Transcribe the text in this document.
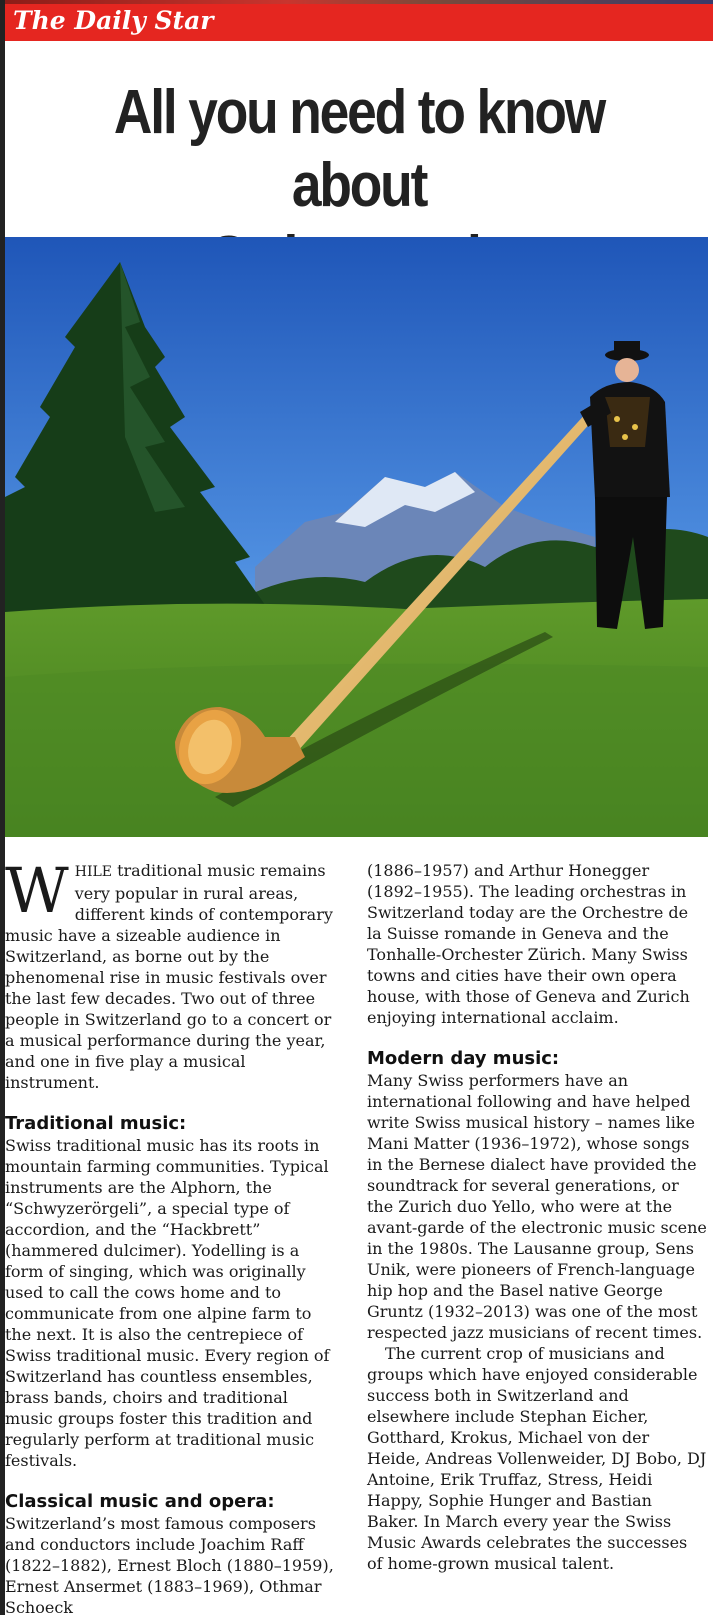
The Daily Star
All you need to know about

WHILE traditional music remains very popular in rural areas, different kinds of contemporary music have a sizeable audience in Switzerland, as borne out by the phenomenal rise in music festivals over the last few decades. Two out of three people in Switzerland go to a concert or a musical performance during the year, and one in five play a musical instrument.

Traditional music:

Swiss traditional music has its roots in mountain farming communities. Typical instruments are the Alphorn, the “Schwyzerörgeli”, a special type of accordion, and the “Hackbrett” (hammered dulcimer). Yodelling is a form of singing, which was originally used to call the cows home and to communicate from one alpine farm to the next. It is also the centrepiece of Swiss traditional music. Every region of Switzerland has countless ensembles, brass bands, choirs and traditional music groups foster this tradition and regularly perform at traditional music festivals.

Classical music and opera:

Switzerland’s most famous composers and conductors include Joachim Raff (1822–1882), Ernest Bloch (1880–1959), Ernest Ansermet (1883–1969), Othmar Schoeck

(1886–1957) and Arthur Honegger (1892–1955). The leading orchestras in Switzerland today are the Orchestre de la Suisse romande in Geneva and the Tonhalle-Orchester Zürich. Many Swiss towns and cities have their own opera house, with those of Geneva and Zurich enjoying international acclaim.

Modern day music:

Many Swiss performers have an international following and have helped write Swiss musical history – names like Mani Matter (1936–1972), whose songs in the Bernese dialect have provided the soundtrack for several generations, or the Zurich duo Yello, who were at the avant-garde of the electronic music scene in the 1980s. The Lausanne group, Sens Unik, were pioneers of French-language hip hop and the Basel native George Gruntz (1932–2013) was one of the most respected jazz musicians of recent times.

The current crop of musicians and groups which have enjoyed considerable success both in Switzerland and elsewhere include Stephan Eicher, Gotthard, Krokus, Michael von der Heide, Andreas Vollenweider, DJ Bobo, DJ Antoine, Erik Truffaz, Stress, Heidi Happy, Sophie Hunger and Bastian Baker. In March every year the Swiss Music Awards celebrates the successes of home-grown musical talent.
